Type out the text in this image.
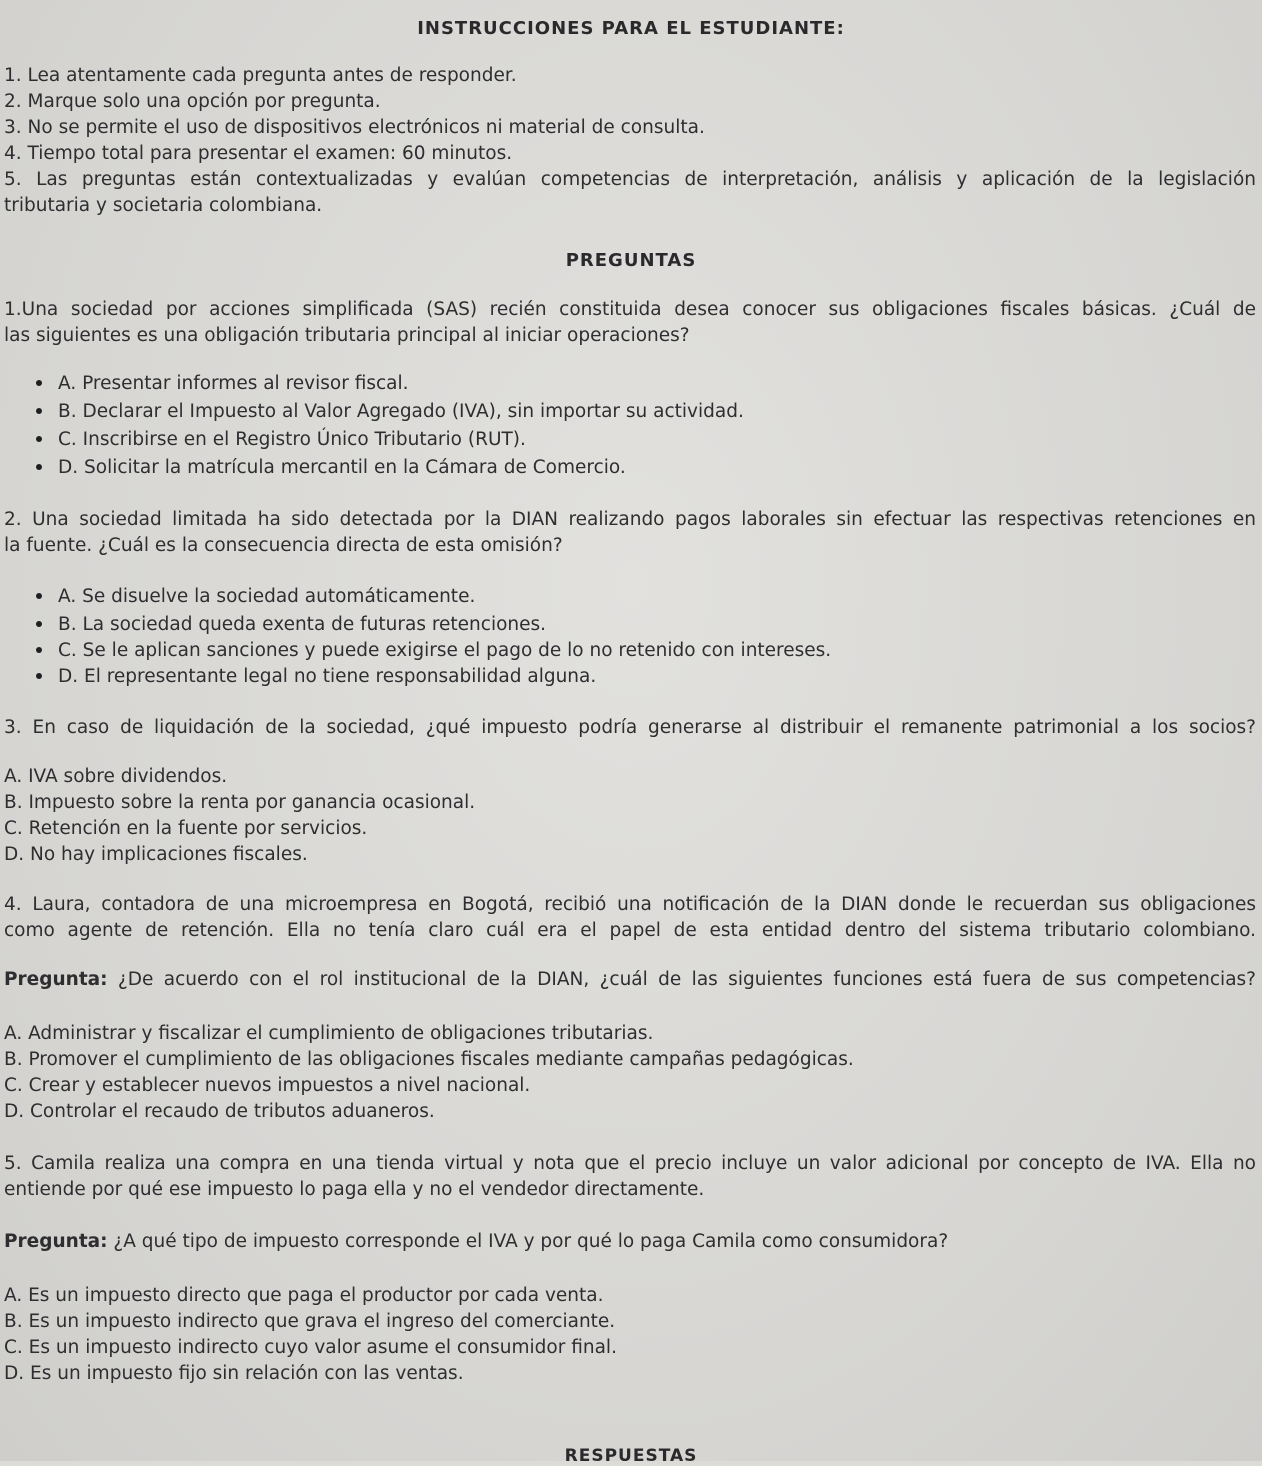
INSTRUCCIONES PARA EL ESTUDIANTE:
1. Lea atentamente cada pregunta antes de responder.
2. Marque solo una opción por pregunta.
3. No se permite el uso de dispositivos electrónicos ni material de consulta.
4. Tiempo total para presentar el examen: 60 minutos.
5. Las preguntas están contextualizadas y evalúan competencias de interpretación, análisis y aplicación de la legislación
tributaria y societaria colombiana.
PREGUNTAS
1.Una sociedad por acciones simplificada (SAS) recién constituida desea conocer sus obligaciones fiscales básicas. ¿Cuál de
las siguientes es una obligación tributaria principal al iniciar operaciones?
A. Presentar informes al revisor fiscal.
B. Declarar el Impuesto al Valor Agregado (IVA), sin importar su actividad.
C. Inscribirse en el Registro Único Tributario (RUT).
D. Solicitar la matrícula mercantil en la Cámara de Comercio.
2. Una sociedad limitada ha sido detectada por la DIAN realizando pagos laborales sin efectuar las respectivas retenciones en
la fuente. ¿Cuál es la consecuencia directa de esta omisión?
A. Se disuelve la sociedad automáticamente.
B. La sociedad queda exenta de futuras retenciones.
C. Se le aplican sanciones y puede exigirse el pago de lo no retenido con intereses.
D. El representante legal no tiene responsabilidad alguna.
3. En caso de liquidación de la sociedad, ¿qué impuesto podría generarse al distribuir el remanente patrimonial a los socios?
A. IVA sobre dividendos.
B. Impuesto sobre la renta por ganancia ocasional.
C. Retención en la fuente por servicios.
D. No hay implicaciones fiscales.
4. Laura, contadora de una microempresa en Bogotá, recibió una notificación de la DIAN donde le recuerdan sus obligaciones
como agente de retención. Ella no tenía claro cuál era el papel de esta entidad dentro del sistema tributario colombiano.
Pregunta: ¿De acuerdo con el rol institucional de la DIAN, ¿cuál de las siguientes funciones está fuera de sus competencias?
A. Administrar y fiscalizar el cumplimiento de obligaciones tributarias.
B. Promover el cumplimiento de las obligaciones fiscales mediante campañas pedagógicas.
C. Crear y establecer nuevos impuestos a nivel nacional.
D. Controlar el recaudo de tributos aduaneros.
5. Camila realiza una compra en una tienda virtual y nota que el precio incluye un valor adicional por concepto de IVA. Ella no
entiende por qué ese impuesto lo paga ella y no el vendedor directamente.
Pregunta: ¿A qué tipo de impuesto corresponde el IVA y por qué lo paga Camila como consumidora?
A. Es un impuesto directo que paga el productor por cada venta.
B. Es un impuesto indirecto que grava el ingreso del comerciante.
C. Es un impuesto indirecto cuyo valor asume el consumidor final.
D. Es un impuesto fijo sin relación con las ventas.
RESPUESTAS
